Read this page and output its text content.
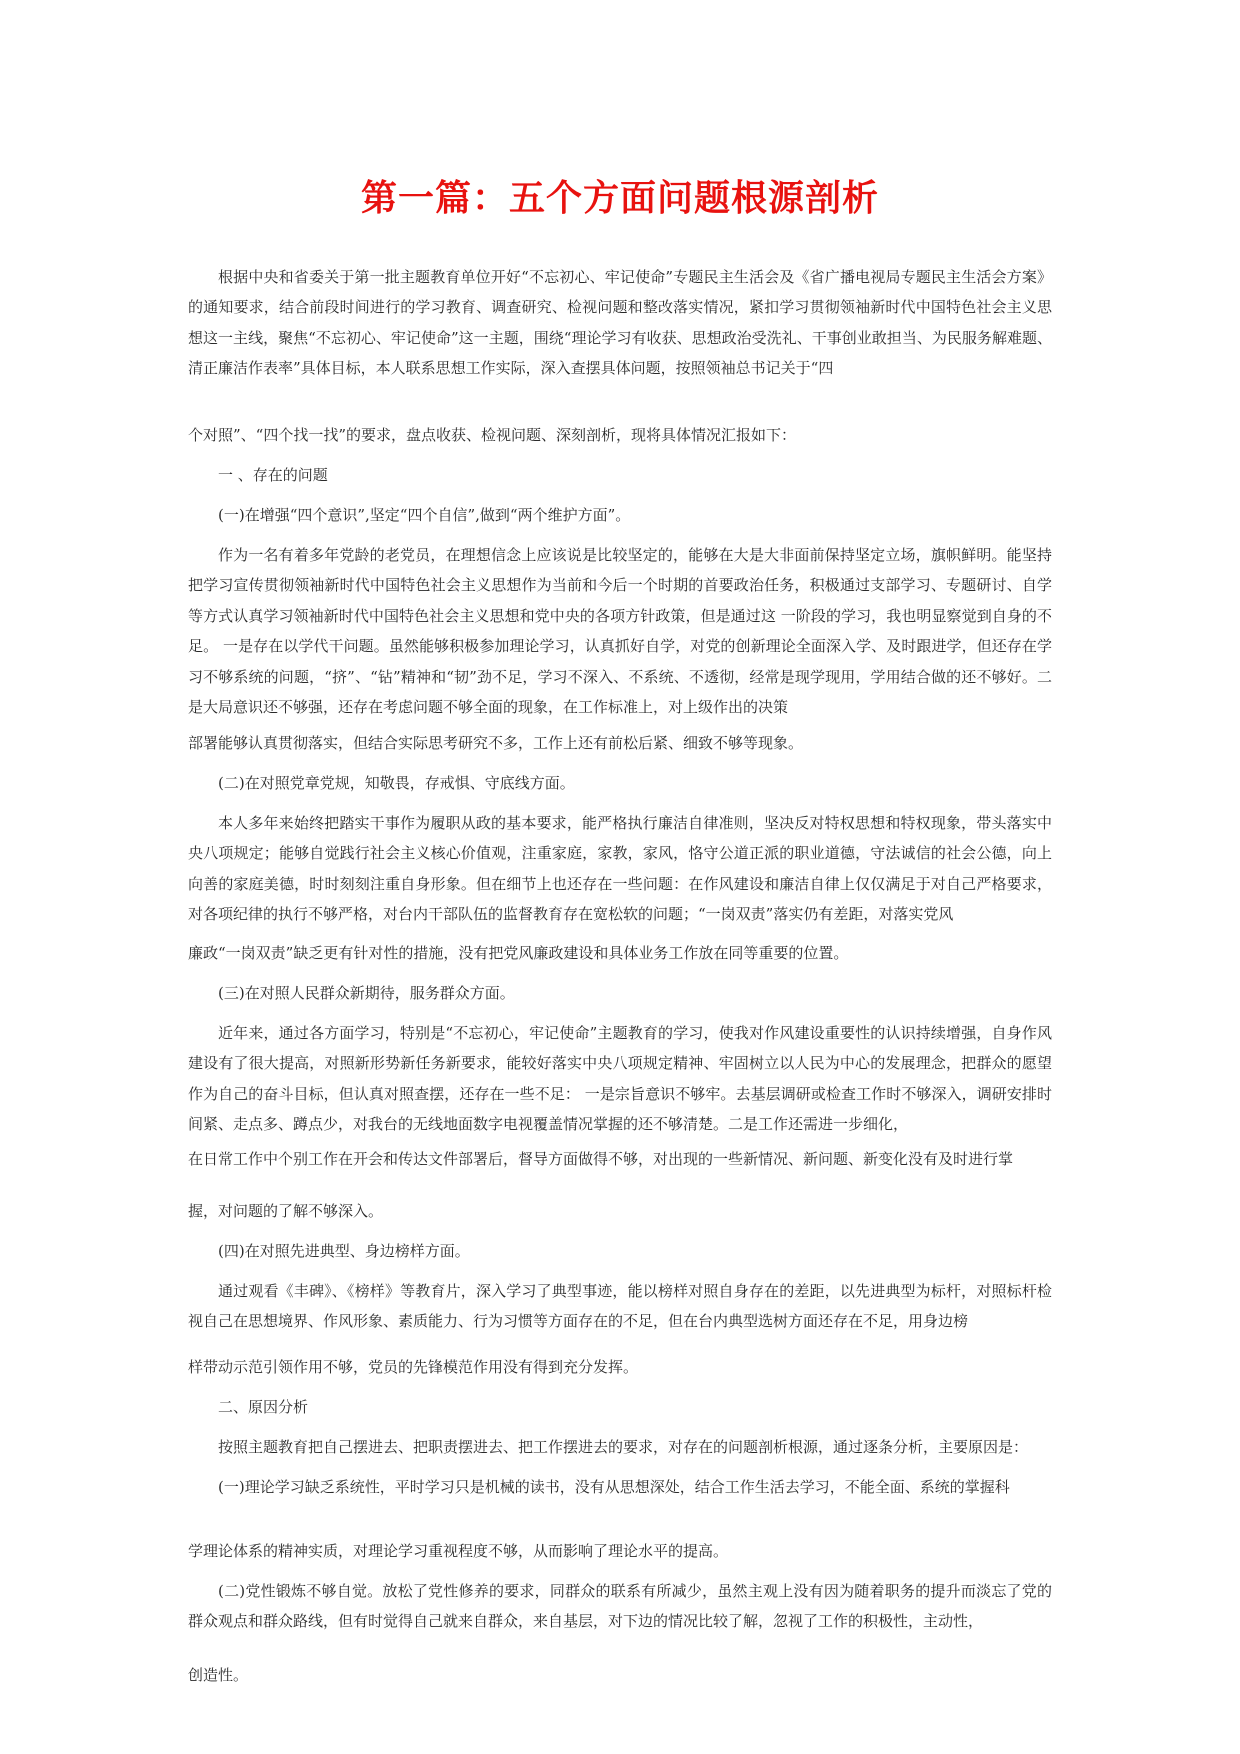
第一篇：五个方面问题根源剖析

根据中央和省委关于第一批主题教育单位开好“不忘初心、牢记使命”专题民主生活会及《省广播电视局专题民主生活会方案》的通知要求，结合前段时间进行的学习教育、调查研究、检视问题和整改落实情况，紧扣学习贯彻领袖新时代中国特色社会主义思想这一主线，聚焦“不忘初心、牢记使命”这一主题，围绕“理论学习有收获、思想政治受洗礼、干事创业敢担当、为民服务解难题、清正廉洁作表率”具体目标，本人联系思想工作实际，深入查摆具体问题，按照领袖总书记关于“四

个对照”、“四个找一找”的要求，盘点收获、检视问题、深刻剖析，现将具体情况汇报如下：

一 、存在的问题

(一)在增强“四个意识”,坚定“四个自信”,做到“两个维护方面”。

作为一名有着多年党龄的老党员，在理想信念上应该说是比较坚定的，能够在大是大非面前保持坚定立场，旗帜鲜明。能坚持把学习宣传贯彻领袖新时代中国特色社会主义思想作为当前和今后一个时期的首要政治任务，积极通过支部学习、专题研讨、自学等方式认真学习领袖新时代中国特色社会主义思想和党中央的各项方针政策，但是通过这 一阶段的学习，我也明显察觉到自身的不足。 一是存在以学代干问题。虽然能够积极参加理论学习，认真抓好自学，对党的创新理论全面深入学、及时跟进学，但还存在学习不够系统的问题，“挤”、“钻”精神和“韧”劲不足，学习不深入、不系统、不透彻，经常是现学现用，学用结合做的还不够好。二是大局意识还不够强，还存在考虑问题不够全面的现象，在工作标准上，对上级作出的决策

部署能够认真贯彻落实，但结合实际思考研究不多，工作上还有前松后紧、细致不够等现象。

(二)在对照党章党规，知敬畏，存戒惧、守底线方面。

本人多年来始终把踏实干事作为履职从政的基本要求，能严格执行廉洁自律准则，坚决反对特权思想和特权现象，带头落实中央八项规定；能够自觉践行社会主义核心价值观，注重家庭，家教，家风，恪守公道正派的职业道德，守法诚信的社会公德，向上向善的家庭美德，时时刻刻注重自身形象。但在细节上也还存在一些问题：在作风建设和廉洁自律上仅仅满足于对自己严格要求，对各项纪律的执行不够严格，对台内干部队伍的监督教育存在宽松软的问题；“一岗双责”落实仍有差距，对落实党风

廉政“一岗双责”缺乏更有针对性的措施，没有把党风廉政建设和具体业务工作放在同等重要的位置。

(三)在对照人民群众新期待，服务群众方面。

近年来，通过各方面学习，特别是“不忘初心，牢记使命”主题教育的学习，使我对作风建设重要性的认识持续增强，自身作风建设有了很大提高，对照新形势新任务新要求，能较好落实中央八项规定精神、牢固树立以人民为中心的发展理念，把群众的愿望作为自己的奋斗目标，但认真对照查摆，还存在一些不足： 一是宗旨意识不够牢。去基层调研或检查工作时不够深入，调研安排时间紧、走点多、蹲点少，对我台的无线地面数字电视覆盖情况掌握的还不够清楚。二是工作还需进一步细化，

在日常工作中个别工作在开会和传达文件部署后，督导方面做得不够，对出现的一些新情况、新问题、新变化没有及时进行掌

握，对问题的了解不够深入。

(四)在对照先进典型、身边榜样方面。

通过观看《丰碑》、《榜样》等教育片，深入学习了典型事迹，能以榜样对照自身存在的差距，以先进典型为标杆，对照标杆检视自己在思想境界、作风形象、素质能力、行为习惯等方面存在的不足，但在台内典型选树方面还存在不足，用身边榜

样带动示范引领作用不够，党员的先锋模范作用没有得到充分发挥。

二、原因分析

按照主题教育把自己摆进去、把职责摆进去、把工作摆进去的要求，对存在的问题剖析根源，通过逐条分析，主要原因是：

(一)理论学习缺乏系统性，平时学习只是机械的读书，没有从思想深处，结合工作生活去学习，不能全面、系统的掌握科

学理论体系的精神实质，对理论学习重视程度不够，从而影响了理论水平的提高。

(二)党性锻炼不够自觉。放松了党性修养的要求，同群众的联系有所减少，虽然主观上没有因为随着职务的提升而淡忘了党的群众观点和群众路线，但有时觉得自己就来自群众，来自基层，对下边的情况比较了解，忽视了工作的积极性，主动性，

创造性。
